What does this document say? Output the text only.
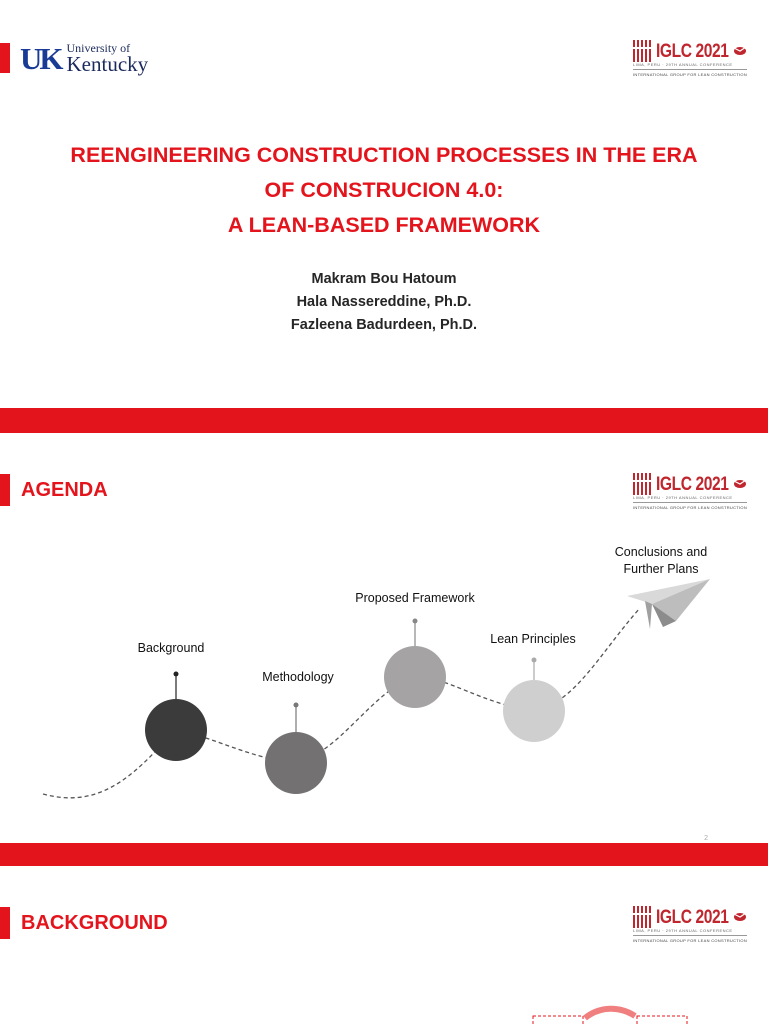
UK University of
Kentucky
IGLC 2021
LIMA, PERU · 29TH ANNUAL CONFERENCE
INTERNATIONAL GROUP FOR LEAN CONSTRUCTION
REENGINEERING CONSTRUCTION PROCESSES IN THE ERA
OF CONSTRUCION 4.0:
A LEAN-BASED FRAMEWORK
Makram Bou Hatoum
Hala Nassereddine, Ph.D.
Fazleena Badurdeen, Ph.D.
AGENDA	IGLC 2021
LIMA, PERU · 29TH ANNUAL CONFERENCE
INTERNATIONAL GROUP FOR LEAN CONSTRUCTION
Background
Methodology
Proposed Framework
Lean Principles
Conclusions and
Further Plans
2
BACKGROUND	IGLC 2021
LIMA, PERU · 29TH ANNUAL CONFERENCE
INTERNATIONAL GROUP FOR LEAN CONSTRUCTION
